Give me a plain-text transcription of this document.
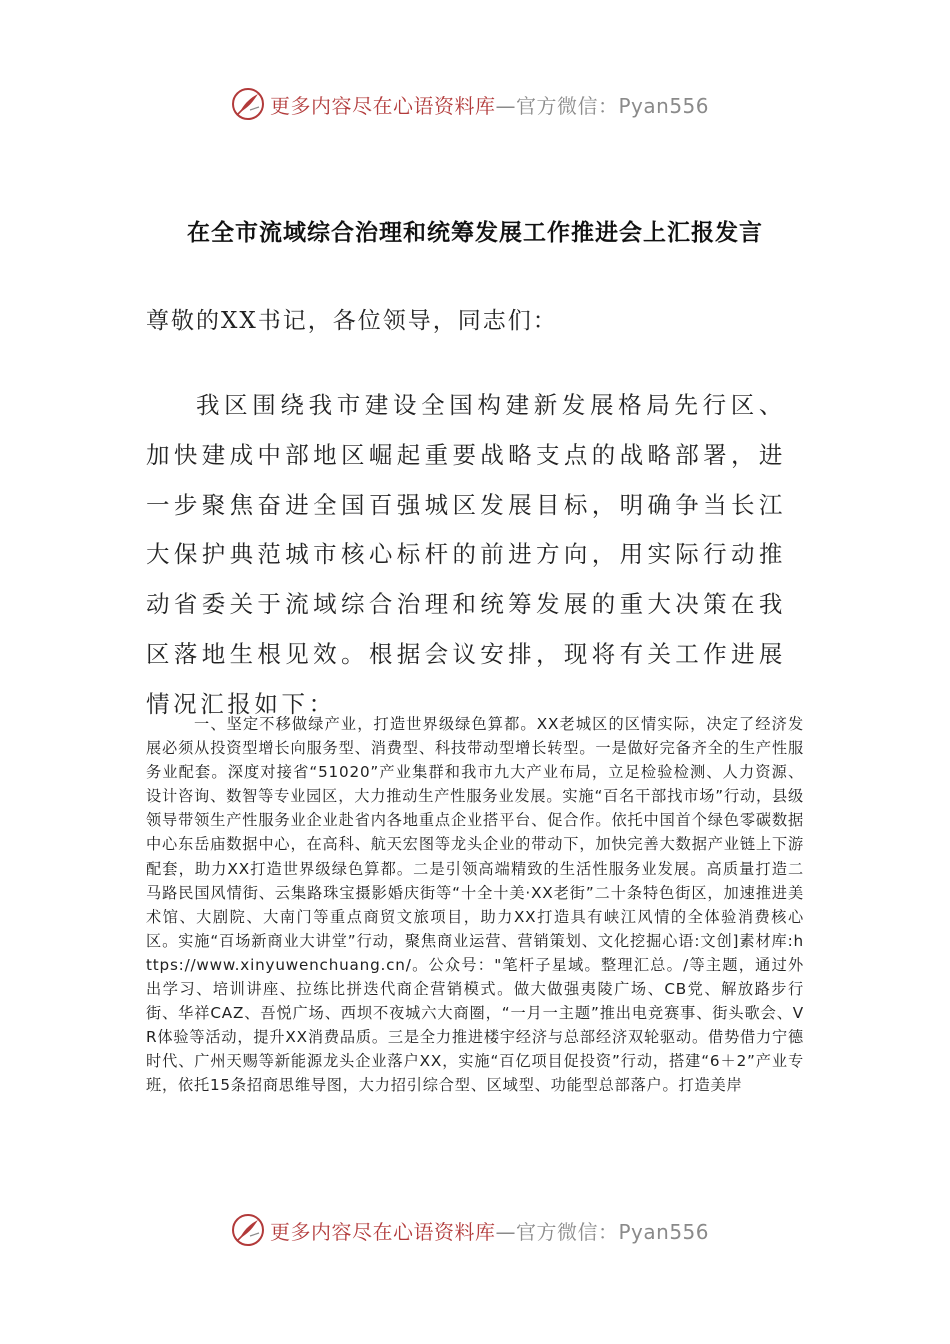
更多内容尽在心语资料库—官方微信：Pyan556
在全市流域综合治理和统筹发展工作推进会上汇报发言
尊敬的XX书记，各位领导，同志们：

我区围绕我市建设全国构建新发展格局先行区、加快建成中部地区崛起重要战略支点的战略部署，进一步聚焦奋进全国百强城区发展目标，明确争当长江大保护典范城市核心标杆的前进方向，用实际行动推动省委关于流域综合治理和统筹发展的重大决策在我区落地生根见效。根据会议安排，现将有关工作进展情况汇报如下：

一、坚定不移做绿产业，打造世界级绿色算都。XX老城区的区情实际，决定了经济发展必须从投资型增长向服务型、消费型、科技带动型增长转型。一是做好完备齐全的生产性服务业配套。深度对接省“51020”产业集群和我市九大产业布局，立足检验检测、人力资源、设计咨询、数智等专业园区，大力推动生产性服务业发展。实施“百名干部找市场”行动，县级领导带领生产性服务业企业赴省内各地重点企业搭平台、促合作。依托中国首个绿色零碳数据中心东岳庙数据中心，在高科、航天宏图等龙头企业的带动下，加快完善大数据产业链上下游配套，助力XX打造世界级绿色算都。二是引领高端精致的生活性服务业发展。高质量打造二马路民国风情街、云集路珠宝摄影婚庆街等“十全十美·XX老街”二十条特色街区，加速推进美术馆、大剧院、大南门等重点商贸文旅项目，助力XX打造具有峡江风情的全体验消费核心区。实施“百场新商业大讲堂”行动，聚焦商业运营、营销策划、文化挖掘心语:文创]素材库:https://www.xinyuwenchuang.cn/。公众号："笔杆子星域。整理汇总。/等主题，通过外出学习、培训讲座、拉练比拼迭代商企营销模式。做大做强夷陵广场、CB党、解放路步行街、华祥CAZ、吾悦广场、西坝不夜城六大商圈，“一月一主题”推出电竞赛事、街头歌会、VR体验等活动，提升XX消费品质。三是全力推进楼宇经济与总部经济双轮驱动。借势借力宁德时代、广州天赐等新能源龙头企业落户XX，实施“百亿项目促投资”行动，搭建“6＋2”产业专班，依托15条招商思维导图，大力招引综合型、区域型、功能型总部落户。打造美岸

更多内容尽在心语资料库—官方微信：Pyan556
